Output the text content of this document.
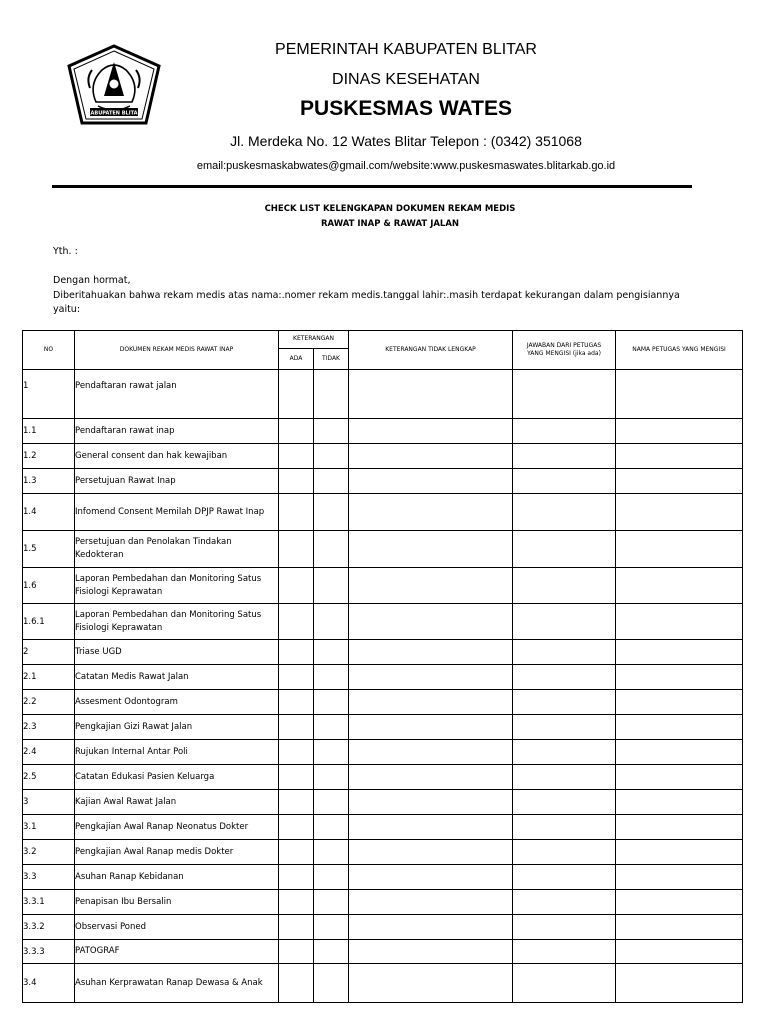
KABUPATEN BLITAR
PEMERINTAH KABUPATEN BLITAR
DINAS KESEHATAN
PUSKESMAS WATES
Jl. Merdeka No. 12 Wates Blitar Telepon : (0342) 351068
email:puskesmaskabwates@gmail.com/website:www.puskesmaswates.blitarkab.go.id
CHECK LIST KELENGKAPAN DOKUMEN REKAM MEDIS
RAWAT INAP & RAWAT JALAN
Yth. :
Dengan hormat,
Diberitahuakan bahwa rekam medis atas nama:.nomer rekam medis.tanggal lahir:.masih terdapat kekurangan dalam pengisiannya
yaitu:
NO	DOKUMEN REKAM MEDIS RAWAT INAP	KETERANGAN		KETERANGAN TIDAK LENGKAP	JAWABAN DARI PETUGAS
YANG MENGISI (jika ada)	NAMA PETUGAS YANG MENGISI
		ADA	TIDAK			
1	Pendaftaran rawat jalan					
1.1	Pendaftaran rawat inap					
1.2	General consent dan hak kewajiban					
1.3	Persetujuan Rawat Inap					
1.4	Infomend Consent Memilah DPJP Rawat Inap					
1.5	Persetujuan dan Penolakan Tindakan Kedokteran					
1.6	Laporan Pembedahan dan Monitoring Satus Fisiologi Keprawatan					
1.6.1	Laporan Pembedahan dan Monitoring Satus Fisiologi Keprawatan					
2	Triase UGD					
2.1	Catatan Medis Rawat Jalan					
2.2	Assesment Odontogram					
2.3	Pengkajian Gizi Rawat Jalan					
2.4	Rujukan Internal Antar Poli					
2.5	Catatan Edukasi Pasien Keluarga					
3	Kajian Awal Rawat Jalan					
3.1	Pengkajian Awal Ranap Neonatus Dokter					
3.2	Pengkajian Awal Ranap medis Dokter					
3.3	Asuhan Ranap Kebidanan					
3.3.1	Penapisan Ibu Bersalin					
3.3.2	Observasi Poned					
3.3.3	PATOGRAF					
3.4	Asuhan Kerprawatan Ranap Dewasa & Anak					
